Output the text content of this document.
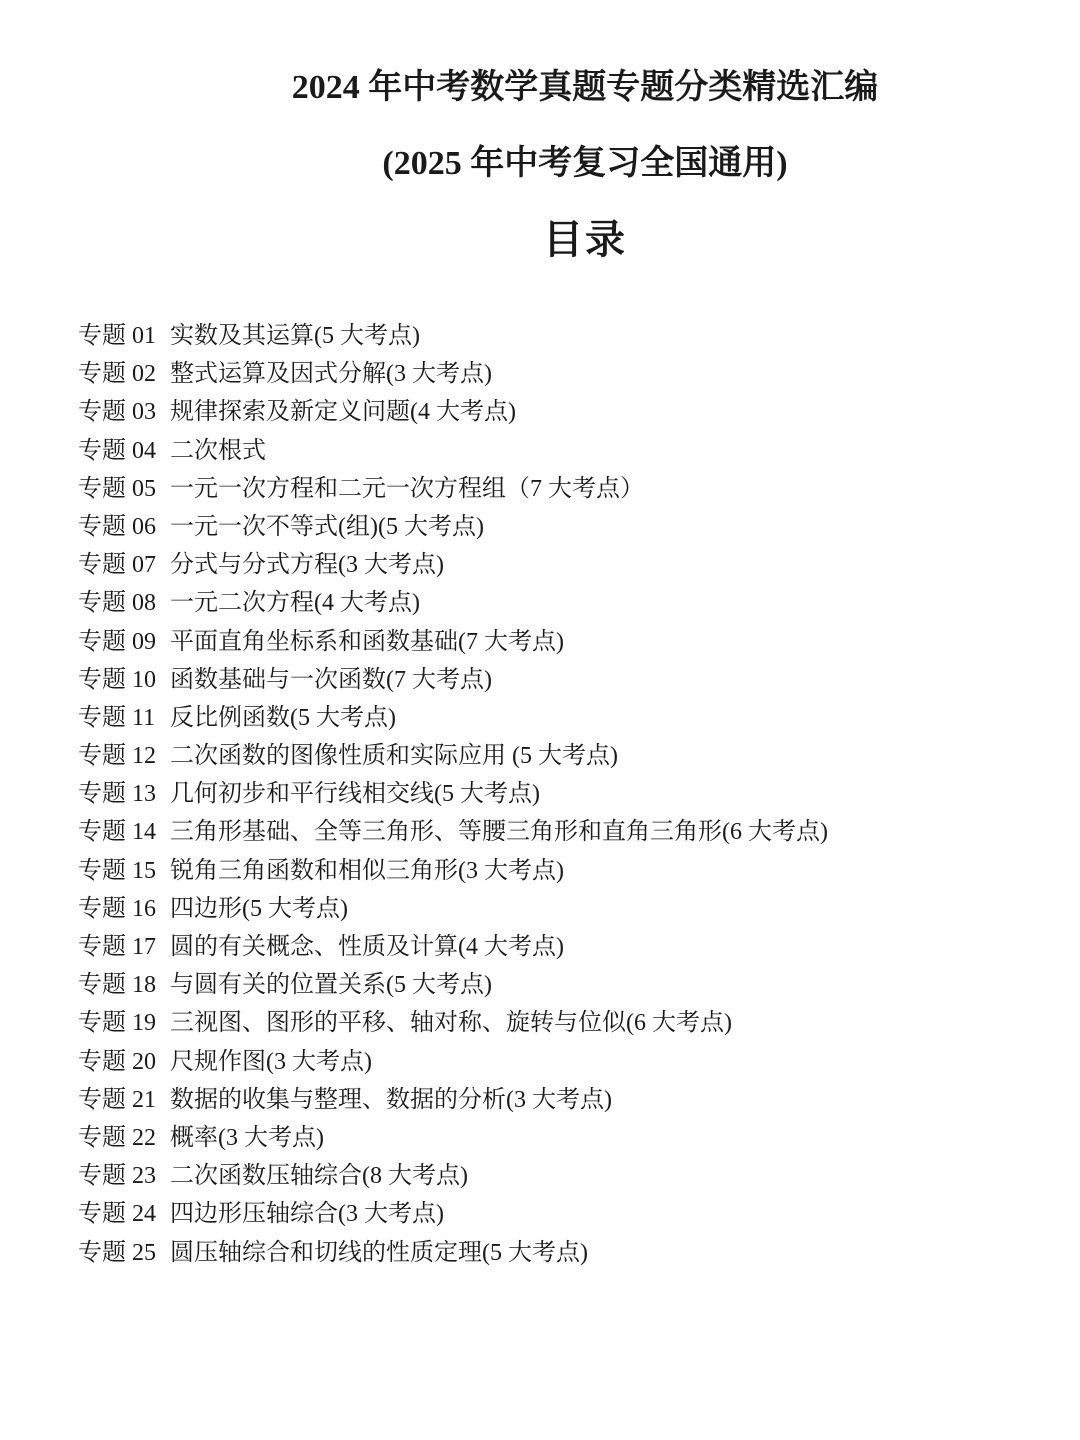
2024 年中考数学真题专题分类精选汇编
(2025 年中考复习全国通用)
目录
专题 01 实数及其运算(5 大考点)
专题 02 整式运算及因式分解(3 大考点)
专题 03 规律探索及新定义问题(4 大考点)
专题 04 二次根式
专题 05 一元一次方程和二元一次方程组（7 大考点）
专题 06 一元一次不等式(组)(5 大考点)
专题 07 分式与分式方程(3 大考点)
专题 08 一元二次方程(4 大考点)
专题 09 平面直角坐标系和函数基础(7 大考点)
专题 10 函数基础与一次函数(7 大考点)
专题 11 反比例函数(5 大考点)
专题 12 二次函数的图像性质和实际应用 (5 大考点)
专题 13 几何初步和平行线相交线(5 大考点)
专题 14 三角形基础、全等三角形、等腰三角形和直角三角形(6 大考点)
专题 15 锐角三角函数和相似三角形(3 大考点)
专题 16 四边形(5 大考点)
专题 17 圆的有关概念、性质及计算(4 大考点)
专题 18 与圆有关的位置关系(5 大考点)
专题 19 三视图、图形的平移、轴对称、旋转与位似(6 大考点)
专题 20 尺规作图(3 大考点)
专题 21 数据的收集与整理、数据的分析(3 大考点)
专题 22 概率(3 大考点)
专题 23 二次函数压轴综合(8 大考点)
专题 24 四边形压轴综合(3 大考点)
专题 25 圆压轴综合和切线的性质定理(5 大考点)
